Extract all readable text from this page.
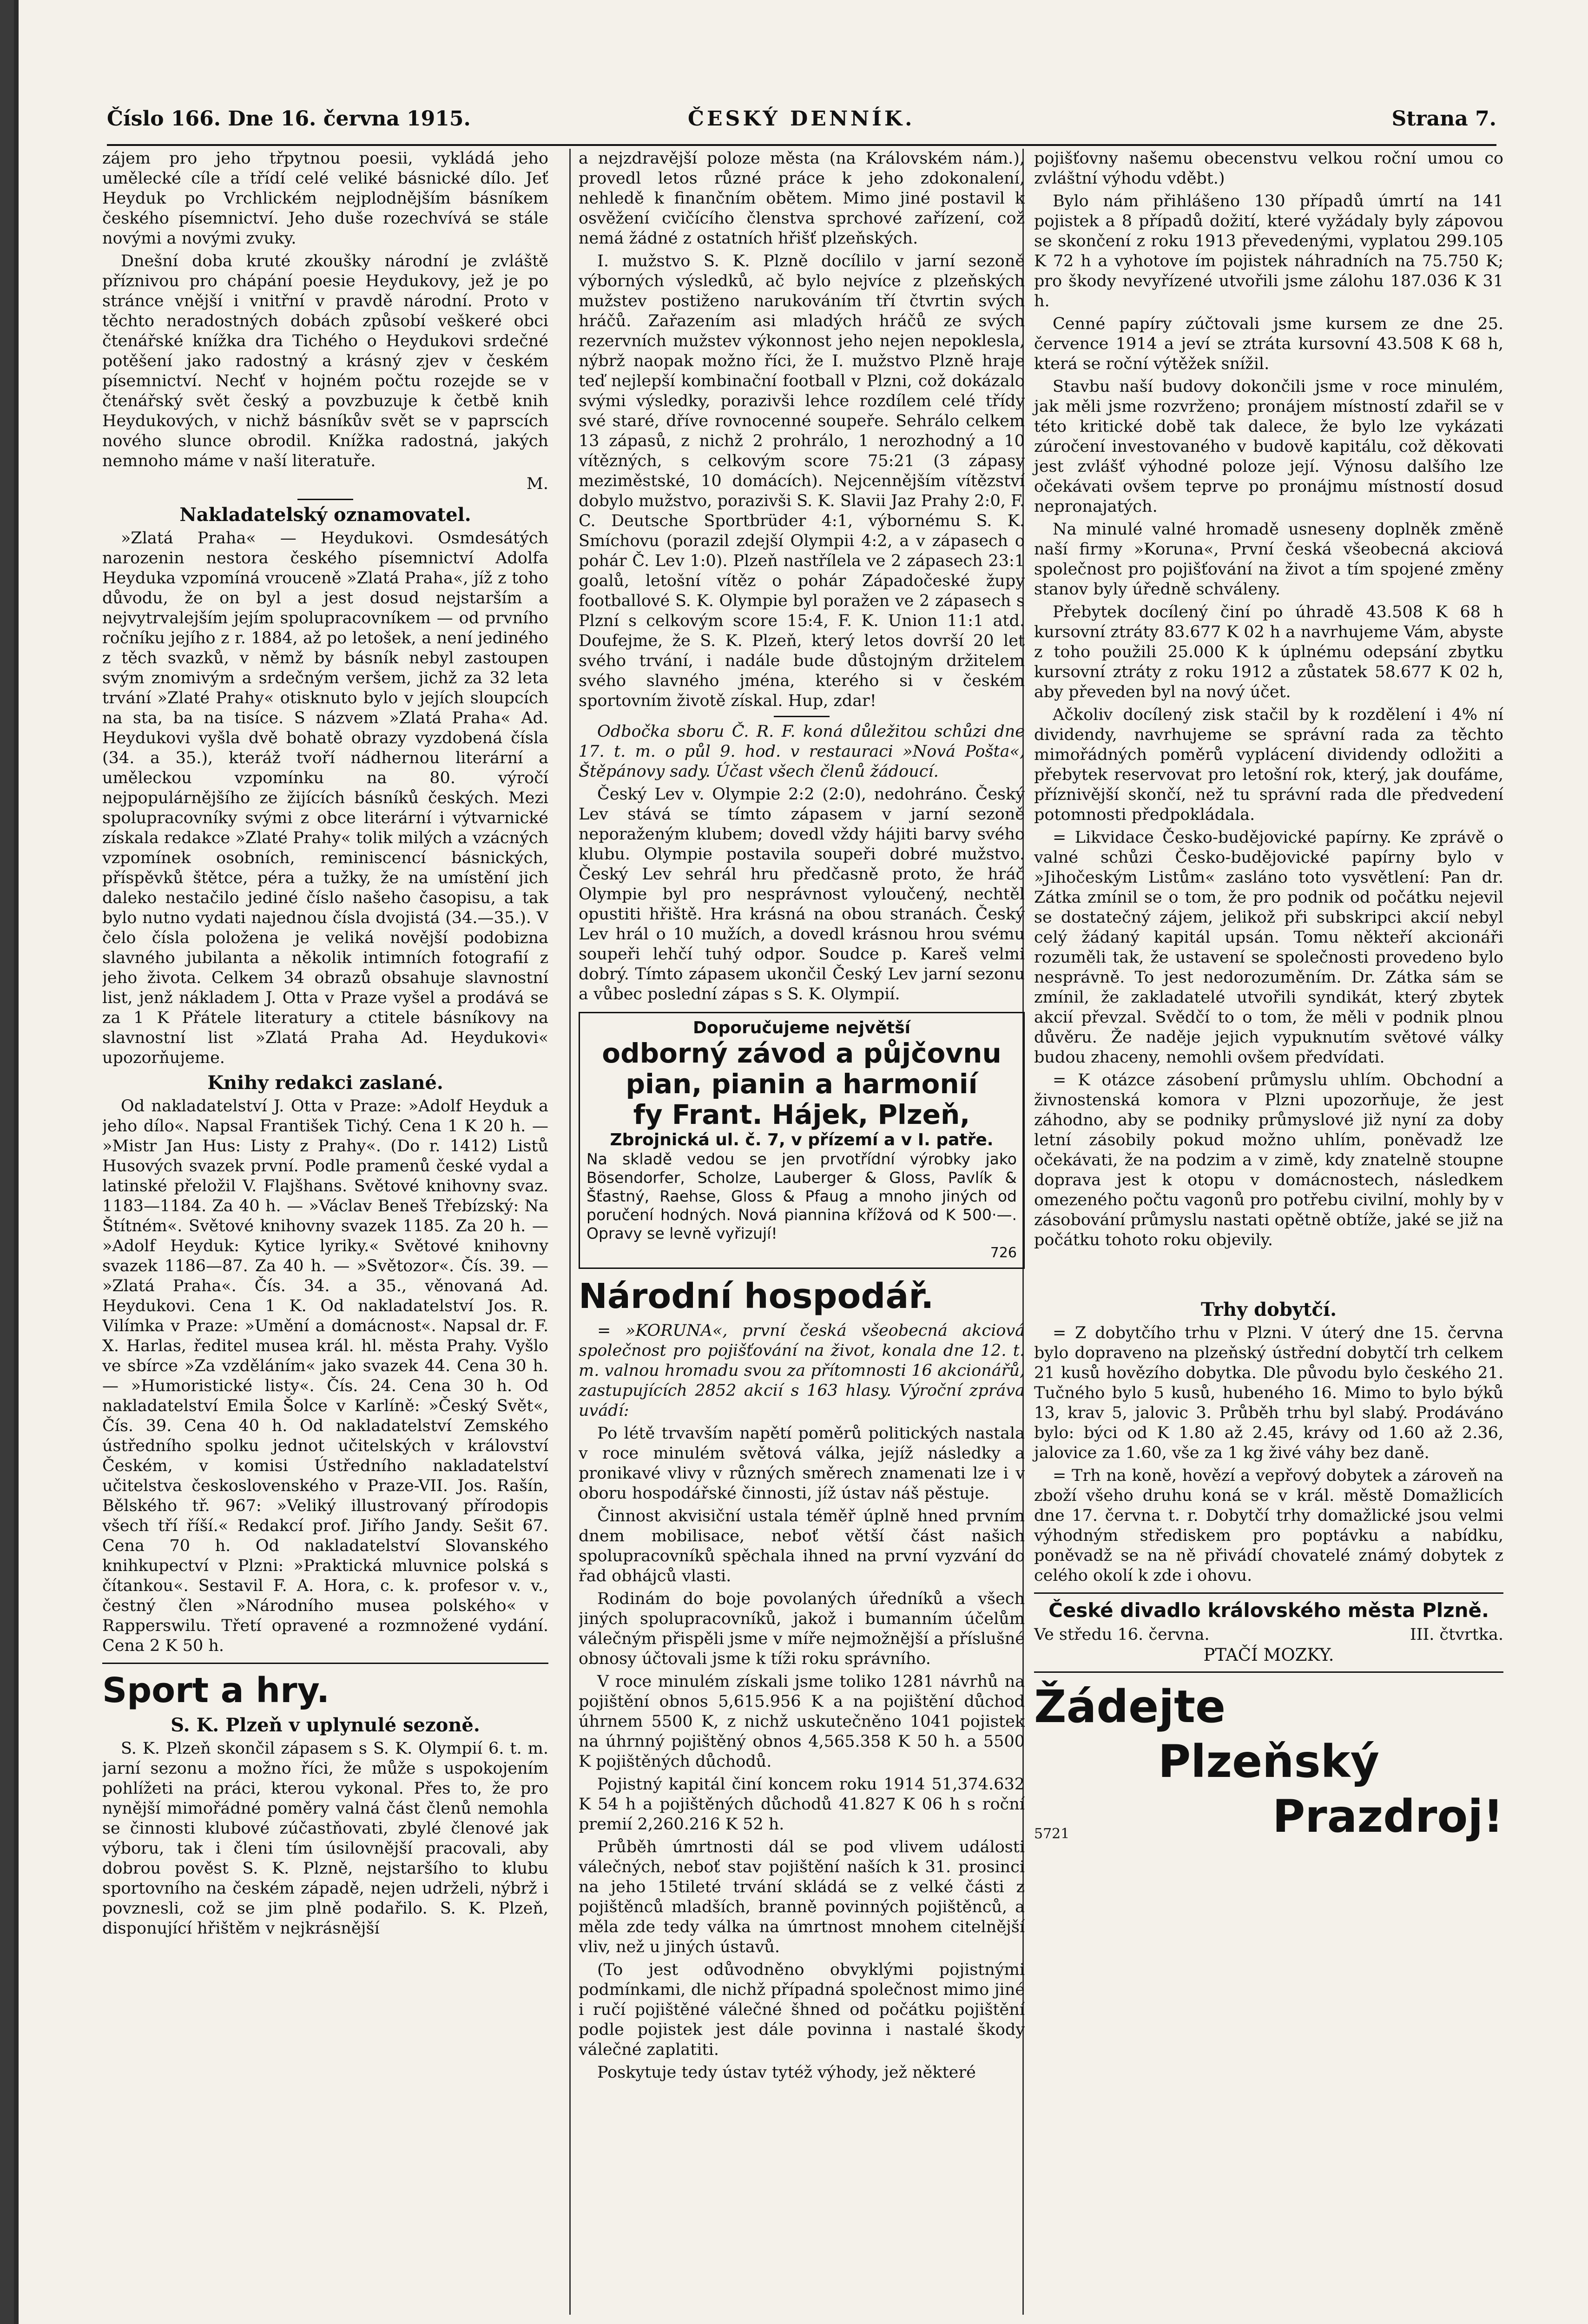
Číslo 166. Dne 16. června 1915.	ČESKÝ DENNÍK.	Strana 7.

zájem pro jeho třpytnou poesii, vykládá jeho umělecké cíle a třídí celé veliké básnické dílo. Jeť Heyduk po Vrchlickém nejplodnějším básníkem českého písemnictví. Jeho duše rozechvívá se stále novými a novými zvuky.

Dnešní doba kruté zkoušky národní je zvláště příznivou pro chápání poesie Heydukovy, jež je po stránce vnější i vnitřní v pravdě národní. Proto v těchto neradostných dobách způsobí veškeré obci čtenářské knížka dra Tichého o Heydukovi srdečné potěšení jako radostný a krásný zjev v českém písemnictví. Nechť v hojném počtu rozejde se v čtenářský svět český a povzbuzuje k četbě knih Heydukových, v nichž básníkův svět se v paprscích nového slunce obrodil. Knížka radostná, jakých nemnoho máme v naší literatuře.

M.
Nakladatelský oznamovatel.

»Zlatá Praha« — Heydukovi. Osmdesátých narozenin nestora českého písemnictví Adolfa Heyduka vzpomíná vrouceně »Zlatá Praha«, jíž z toho důvodu, že on byl a jest dosud nejstarším a nejvytrvalejším jejím spolupracovníkem — od prvního ročníku jejího z r. 1884, až po letošek, a není jediného z těch svazků, v němž by básník nebyl zastoupen svým znomivým a srdečným veršem, jichž za 32 leta trvání »Zlaté Prahy« otisknuto bylo v jejích sloupcích na sta, ba na tisíce. S názvem »Zlatá Praha« Ad. Heydukovi vyšla dvě bohatě obrazy vyzdobená čísla (34. a 35.), kteráž tvoří nádhernou literární a uměleckou vzpomínku na 80. výročí nejpopulárnějšího ze žijících básníků českých. Mezi spolupracovníky svými z obce literární i výtvarnické získala redakce »Zlaté Prahy« tolik milých a vzácných vzpomínek osobních, reminiscencí básnických, příspěvků štětce, péra a tužky, že na umístění jich daleko nestačilo jediné číslo našeho časopisu, a tak bylo nutno vydati najednou čísla dvojistá (34.—35.). V čelo čísla položena je veliká novější podobizna slavného jubilanta a několik intimních fotografií z jeho života. Celkem 34 obrazů obsahuje slavnostní list, jenž nákladem J. Otta v Praze vyšel a prodává se za 1 K Přátele literatury a ctitele básníkovy na slavnostní list »Zlatá Praha Ad. Heydukovi« upozorňujeme.

Knihy redakci zaslané.

Od nakladatelství J. Otta v Praze: »Adolf Heyduk a jeho dílo«. Napsal František Tichý. Cena 1 K 20 h. — »Mistr Jan Hus: Listy z Prahy«. (Do r. 1412) Listů Husových svazek první. Podle pramenů české vydal a latinské přeložil V. Flajšhans. Světové knihovny svaz. 1183—1184. Za 40 h. — »Václav Beneš Třebízský: Na Štítném«. Světové knihovny svazek 1185. Za 20 h. — »Adolf Heyduk: Kytice lyriky.« Světové knihovny svazek 1186—87. Za 40 h. — »Světozor«. Čís. 39. — »Zlatá Praha«. Čís. 34. a 35., věnovaná Ad. Heydukovi. Cena 1 K. Od nakladatelství Jos. R. Vilímka v Praze: »Umění a domácnost«. Napsal dr. F. X. Harlas, ředitel musea král. hl. města Prahy. Vyšlo ve sbírce »Za vzděláním« jako svazek 44. Cena 30 h. — »Humoristické listy«. Čís. 24. Cena 30 h. Od nakladatelství Emila Šolce v Karlíně: »Český Svět«, Čís. 39. Cena 40 h. Od nakladatelství Zemského ústředního spolku jednot učitelských v království Českém, v komisi Ústředního nakladatelství učitelstva československého v Praze-VII. Jos. Rašín, Bělského tř. 967: »Veliký illustrovaný přírodopis všech tří říší.« Redakcí prof. Jiřího Jandy. Sešit 67. Cena 70 h. Od nakladatelství Slovanského knihkupectví v Plzni: »Praktická mluvnice polská s čítankou«. Sestavil F. A. Hora, c. k. profesor v. v., čestný člen »Národního musea polského« v Rapperswilu. Třetí opravené a rozmnožené vydání. Cena 2 K 50 h.

Sport a hry.
S. K. Plzeň v uplynulé sezoně.

S. K. Plzeň skončil zápasem s S. K. Olympií 6. t. m. jarní sezonu a možno říci, že může s uspokojením pohlížeti na práci, kterou vykonal. Přes to, že pro nynější mimořádné poměry valná část členů nemohla se činnosti klubové zúčastňovati, zbylé členové jak výboru, tak i členi tím úsilovnější pracovali, aby dobrou pověst S. K. Plzně, nejstaršího to klubu sportovního na českém západě, nejen udrželi, nýbrž i povznesli, což se jim plně podařilo. S. K. Plzeň, disponující hřištěm v nejkrásnější

a nejzdravější poloze města (na Královském nám.), provedl letos různé práce k jeho zdokonalení, nehledě k finančním obětem. Mimo jiné postavil k osvěžení cvičícího členstva sprchové zařízení, což nemá žádné z ostatních hřišť plzeňských.

I. mužstvo S. K. Plzně docílilo v jarní sezoně výborných výsledků, ač bylo nejvíce z plzeňských mužstev postiženo narukováním tří čtvrtin svých hráčů. Zařazením asi mladých hráčů ze svých rezervních mužstev výkonnost jeho nejen nepoklesla, nýbrž naopak možno říci, že I. mužstvo Plzně hraje teď nejlepší kombinační football v Plzni, což dokázalo svými výsledky, porazivši lehce rozdílem celé třídy své staré, dříve rovnocenné soupeře. Sehrálo celkem 13 zápasů, z nichž 2 prohrálo, 1 nerozhodný a 10 vítězných, s celkovým score 75:21 (3 zápasy meziměstské, 10 domácích). Nejcennějším vítězství dobylo mužstvo, porazivši S. K. Slavii Jaz Prahy 2:0, F. C. Deutsche Sportbrüder 4:1, výbornému S. K. Smíchovu (porazil zdejší Olympii 4:2, a v zápasech o pohár Č. Lev 1:0). Plzeň nastřílela ve 2 zápasech 23:1 goalů, letošní vítěz o pohár Západočeské župy footballové S. K. Olympie byl poražen ve 2 zápasech s Plzní s celkovým score 15:4, F. K. Union 11:1 atd. Doufejme, že S. K. Plzeň, který letos dovrší 20 let svého trvání, i nadále bude důstojným držitelem svého slavného jména, kterého si v českém sportovním životě získal. Hup, zdar!

Odbočka sboru Č. R. F. koná důležitou schůzi dne 17. t. m. o půl 9. hod. v restauraci »Nová Pošta«, Štěpánovy sady. Účast všech členů žádoucí.

Český Lev v. Olympie 2:2 (2:0), nedohráno. Český Lev stává se tímto zápasem v jarní sezoně neporaženým klubem; dovedl vždy hájiti barvy svého klubu. Olympie postavila soupeři dobré mužstvo. Český Lev sehrál hru předčasně proto, že hráč Olympie byl pro nesprávnost vyloučený, nechtěl opustiti hřiště. Hra krásná na obou stranách. Český Lev hrál o 10 mužích, a dovedl krásnou hrou svému soupeři lehčí tuhý odpor. Soudce p. Kareš velmi dobrý. Tímto zápasem ukončil Český Lev jarní sezonu a vůbec poslední zápas s S. K. Olympií.

Doporučujeme největší
odborný závod a půjčovnu
pian, pianin a harmonií
fy Frant. Hájek, Plzeň,
Zbrojnická ul. č. 7, v přízemí a v I. patře.
Na skladě vedou se jen prvotřídní výrobky jako Bösendorfer, Scholze, Lauberger & Gloss, Pavlík & Šťastný, Raehse, Gloss & Pfaug a mnoho jiných od poručení hodných. Nová piannina křížová od K 500·—. Opravy se levně vyřizují!
726
Národní hospodář.

= »KORUNA«, první česká všeobecná akciová společnost pro pojišťování na život, konala dne 12. t. m. valnou hromadu svou za přítomnosti 16 akcionářů, zastupujících 2852 akcií s 163 hlasy. Výroční zpráva uvádí:

Po létě trvavším napětí poměrů politických nastala v roce minulém světová válka, jejíž následky a pronikavé vlivy v různých směrech znamenati lze i v oboru hospodářské činnosti, jíž ústav náš pěstuje.

Činnost akvisiční ustala téměř úplně hned prvním dnem mobilisace, neboť větší část našich spolupracovníků spěchala ihned na první vyzvání do řad obhájců vlasti.

Rodinám do boje povolaných úředníků a všech jiných spolupracovníků, jakož i bumanním účelům válečným přispěli jsme v míře nejmožnější a příslušné obnosy účtovali jsme k tíži roku správního.

V roce minulém získali jsme toliko 1281 návrhů na pojištění obnos 5,615.956 K a na pojištění důchod úhrnem 5500 K, z nichž uskutečněno 1041 pojistek na úhrnný pojištěný obnos 4,565.358 K 50 h. a 5500 K pojištěných důchodů.

Pojistný kapitál činí koncem roku 1914 51,374.632 K 54 h a pojištěných důchodů 41.827 K 06 h s roční premií 2,260.216 K 52 h.

Průběh úmrtnosti dál se pod vlivem události válečných, neboť stav pojištění naších k 31. prosinci na jeho 15tileté trvání skládá se z velké části z pojištěnců mladších, branně povinných pojištěnců, a měla zde tedy válka na úmrtnost mnohem citelnější vliv, než u jiných ústavů.

(To jest odůvodněno obvyklými pojistnými podmínkami, dle nichž případná společnost mimo jiné i ručí pojištěné válečné šhned od počátku pojištění podle pojistek jest dále povinna i nastalé škody válečné zaplatiti.

Poskytuje tedy ústav tytéž výhody, jež některé

pojišťovny našemu obecenstvu velkou roční umou co zvláštní výhodu vděbt.)

Bylo nám přihlášeno 130 případů úmrtí na 141 pojistek a 8 případů dožití, které vyžádaly byly zápovou se skončení z roku 1913 převedenými, vyplatou 299.105 K 72 h a vyhotove ím pojistek náhradních na 75.750 K; pro škody nevyřízené utvořili jsme zálohu 187.036 K 31 h.

Cenné papíry zúčtovali jsme kursem ze dne 25. července 1914 a jeví se ztráta kursovní 43.508 K 68 h, která se roční výtěžek snížil.

Stavbu naší budovy dokončili jsme v roce minulém, jak měli jsme rozvrženo; pronájem místností zdařil se v této kritické době tak dalece, že bylo lze vykázati zúročení investovaného v budově kapitálu, což děkovati jest zvlášť výhodné poloze její. Výnosu dalšího lze očekávati ovšem teprve po pronájmu místností dosud nepronajatých.

Na minulé valné hromadě usneseny doplněk změně naší firmy »Koruna«, První česká všeobecná akciová společnost pro pojišťování na život a tím spojené změny stanov byly úředně schváleny.

Přebytek docílený činí po úhradě 43.508 K 68 h kursovní ztráty 83.677 K 02 h a navrhujeme Vám, abyste z toho použili 25.000 K k úplnému odepsání zbytku kursovní ztráty z roku 1912 a zůstatek 58.677 K 02 h, aby převeden byl na nový účet.

Ačkoliv docílený zisk stačil by k rozdělení i 4% ní dividendy, navrhujeme se správní rada za těchto mimořádných poměrů vyplácení dividendy odložiti a přebytek reservovat pro letošní rok, který, jak doufáme, příznivější skončí, než tu správní rada dle předvedení potomnosti předpokládala.

= Likvidace Česko-budějovické papírny. Ke zprávě o valné schůzi Česko-budějovické papírny bylo v »Jihočeským Listům« zasláno toto vysvětlení: Pan dr. Zátka zmínil se o tom, že pro podnik od počátku nejevil se dostatečný zájem, jelikož při subskripci akcií nebyl celý žádaný kapitál upsán. Tomu někteří akcionáři rozuměli tak, že ustavení se společnosti provedeno bylo nesprávně. To jest nedorozuměním. Dr. Zátka sám se zmínil, že zakladatelé utvořili syndikát, který zbytek akcií převzal. Svědčí to o tom, že měli v podnik plnou důvěru. Že naděje jejich vypuknutím světové války budou zhaceny, nemohli ovšem předvídati.

= K otázce zásobení průmyslu uhlím. Obchodní a živnostenská komora v Plzni upozorňuje, že jest záhodno, aby se podniky průmyslové již nyní za doby letní zásobily pokud možno uhlím, poněvadž lze očekávati, že na podzim a v zimě, kdy znatelně stoupne doprava jest k otopu v domácnostech, následkem omezeného počtu vagonů pro potřebu civilní, mohly by v zásobování průmyslu nastati opětně obtíže, jaké se již na počátku tohoto roku objevily.

Trhy dobytčí.

= Z dobytčího trhu v Plzni. V úterý dne 15. června bylo dopraveno na plzeňský ústřední dobytčí trh celkem 21 kusů hovězího dobytka. Dle původu bylo českého 21. Tučného bylo 5 kusů, hubeného 16. Mimo to bylo býků 13, krav 5, jalovic 3. Průběh trhu byl slabý. Prodáváno bylo: býci od K 1.80 až 2.45, krávy od 1.60 až 2.36, jalovice za 1.60, vše za 1 kg živé váhy bez daně.

= Trh na koně, hovězí a vepřový dobytek a zároveň na zboží všeho druhu koná se v král. městě Domažlicích dne 17. června t. r. Dobytčí trhy domažlické jsou velmi výhodným střediskem pro poptávku a nabídku, poněvadž se na ně přivádí chovatelé známý dobytek z celého okolí k zde i ohovu.

České divadlo královského města Plzně.
Ve středu 16. června.	III. čtvrtka.
PTAČÍ MOZKY.
Žádejte
Plzeňský
5721	Prazdroj!
